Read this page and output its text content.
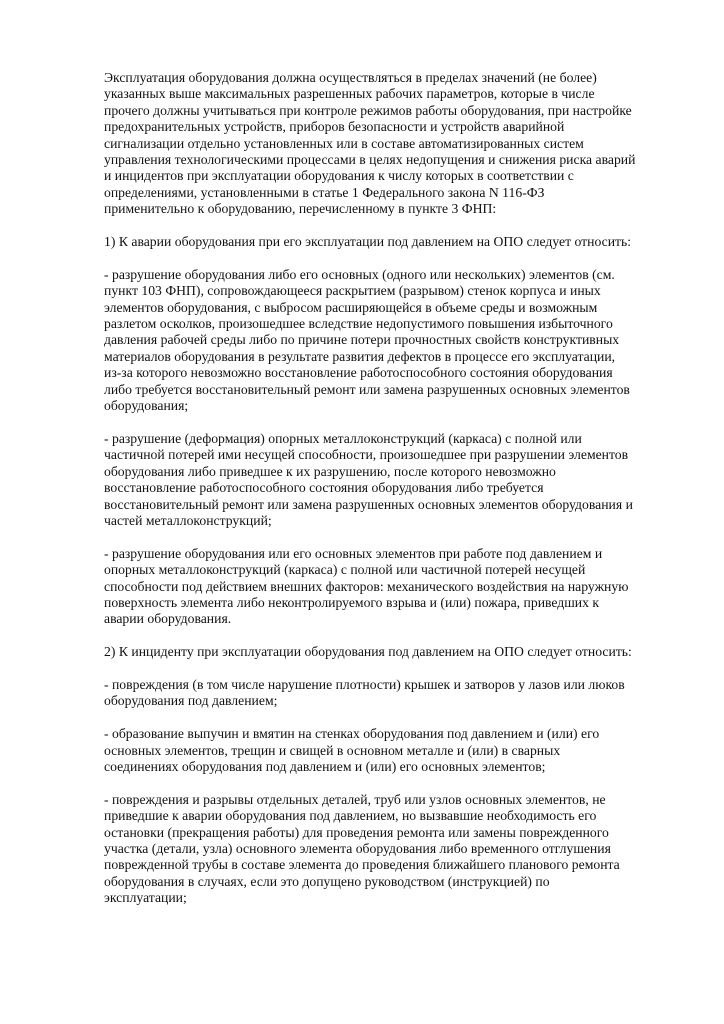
Эксплуатация оборудования должна осуществляться в пределах значений (не более)
указанных выше максимальных разрешенных рабочих параметров, которые в числе
прочего должны учитываться при контроле режимов работы оборудования, при настройке
предохранительных устройств, приборов безопасности и устройств аварийной
сигнализации отдельно установленных или в составе автоматизированных систем
управления технологическими процессами в целях недопущения и снижения риска аварий
и инцидентов при эксплуатации оборудования к числу которых в соответствии с
определениями, установленными в статье 1 Федерального закона N 116-ФЗ
применительно к оборудованию, перечисленному в пункте 3 ФНП:

1) К аварии оборудования при его эксплуатации под давлением на ОПО следует относить:

- разрушение оборудования либо его основных (одного или нескольких) элементов (см.
пункт 103 ФНП), сопровождающееся раскрытием (разрывом) стенок корпуса и иных
элементов оборудования, с выбросом расширяющейся в объеме среды и возможным
разлетом осколков, произошедшее вследствие недопустимого повышения избыточного
давления рабочей среды либо по причине потери прочностных свойств конструктивных
материалов оборудования в результате развития дефектов в процессе его эксплуатации,
из-за которого невозможно восстановление работоспособного состояния оборудования
либо требуется восстановительный ремонт или замена разрушенных основных элементов
оборудования;

- разрушение (деформация) опорных металлоконструкций (каркаса) с полной или
частичной потерей ими несущей способности, произошедшее при разрушении элементов
оборудования либо приведшее к их разрушению, после которого невозможно
восстановление работоспособного состояния оборудования либо требуется
восстановительный ремонт или замена разрушенных основных элементов оборудования и
частей металлоконструкций;

- разрушение оборудования или его основных элементов при работе под давлением и
опорных металлоконструкций (каркаса) с полной или частичной потерей несущей
способности под действием внешних факторов: механического воздействия на наружную
поверхность элемента либо неконтролируемого взрыва и (или) пожара, приведших к
аварии оборудования.

2) К инциденту при эксплуатации оборудования под давлением на ОПО следует относить:

- повреждения (в том числе нарушение плотности) крышек и затворов у лазов или люков
оборудования под давлением;

- образование выпучин и вмятин на стенках оборудования под давлением и (или) его
основных элементов, трещин и свищей в основном металле и (или) в сварных
соединениях оборудования под давлением и (или) его основных элементов;

- повреждения и разрывы отдельных деталей, труб или узлов основных элементов, не
приведшие к аварии оборудования под давлением, но вызвавшие необходимость его
остановки (прекращения работы) для проведения ремонта или замены поврежденного
участка (детали, узла) основного элемента оборудования либо временного отглушения
поврежденной трубы в составе элемента до проведения ближайшего планового ремонта
оборудования в случаях, если это допущено руководством (инструкцией) по
эксплуатации;
